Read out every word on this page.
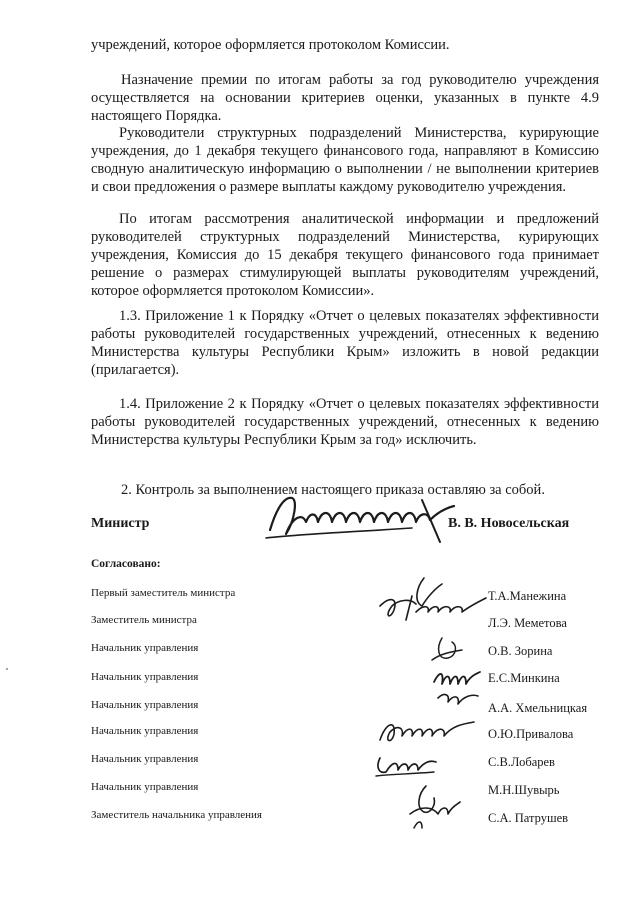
учреждений, которое оформляется протоколом Комиссии.

Назначение премии по итогам работы за год руководителю учреждения осуществляется на основании критериев оценки, указанных в пункте 4.9 настоящего Порядка.

Руководители структурных подразделений Министерства, курирующие учреждения, до 1 декабря текущего финансового года, направляют в Комиссию сводную аналитическую информацию о выполнении / не выполнении критериев и свои предложения о размере выплаты каждому руководителю учреждения.

По итогам рассмотрения аналитической информации и предложений руководителей структурных подразделений Министерства, курирующих учреждения, Комиссия до 15 декабря текущего финансового года принимает решение о размерах стимулирующей выплаты руководителям учреждений, которое оформляется протоколом Комиссии».

1.3. Приложение 1 к Порядку «Отчет о целевых показателях эффективности работы руководителей государственных учреждений, отнесенных к ведению Министерства культуры Республики Крым» изложить в новой редакции (прилагается).

1.4. Приложение 2 к Порядку «Отчет о целевых показателях эффективности работы руководителей государственных учреждений, отнесенных к ведению Министерства культуры Республики Крым за год» исключить.

2. Контроль за выполнением настоящего приказа оставляю за собой.

Министр	В. В. Новосельская
Согласовано:
Первый заместитель министра	Т.А.Манежина
Заместитель министра	Л.Э. Меметова
Начальник управления	О.В. Зорина
Начальник управления	Е.С.Минкина
Начальник управления	А.А. Хмельницкая
Начальник управления	О.Ю.Привалова
Начальник управления	С.В.Лобарев
Начальник управления	М.Н.Шувырь
Заместитель начальника управления	С.А. Патрушев
